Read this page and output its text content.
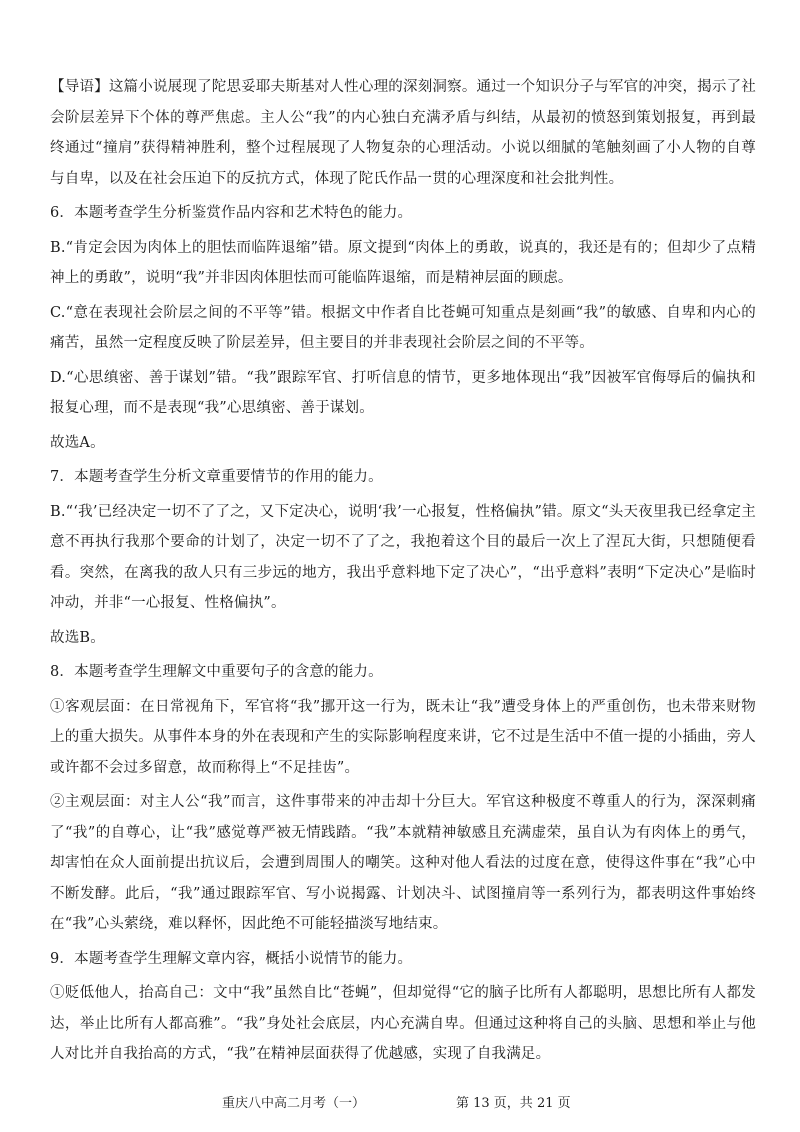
【导语】这篇小说展现了陀思妥耶夫斯基对人性心理的深刻洞察。通过一个知识分子与军官的冲突，揭示了社会阶层差异下个体的尊严焦虑。主人公“我”的内心独白充满矛盾与纠结，从最初的愤怒到策划报复，再到最终通过“撞肩”获得精神胜利，整个过程展现了人物复杂的心理活动。小说以细腻的笔触刻画了小人物的自尊与自卑，以及在社会压迫下的反抗方式，体现了陀氏作品一贯的心理深度和社会批判性。

6．本题考查学生分析鉴赏作品内容和艺术特色的能力。

B.“肯定会因为肉体上的胆怯而临阵退缩”错。原文提到“肉体上的勇敢，说真的，我还是有的；但却少了点精神上的勇敢”，说明“我”并非因肉体胆怯而可能临阵退缩，而是精神层面的顾虑。

C.“意在表现社会阶层之间的不平等”错。根据文中作者自比苍蝇可知重点是刻画“我”的敏感、自卑和内心的痛苦，虽然一定程度反映了阶层差异，但主要目的并非表现社会阶层之间的不平等。

D.“心思缜密、善于谋划”错。“我”跟踪军官、打听信息的情节，更多地体现出“我”因被军官侮辱后的偏执和报复心理，而不是表现“我”心思缜密、善于谋划。

故选A。

7．本题考查学生分析文章重要情节的作用的能力。

B.“‘我’已经决定一切不了了之，又下定决心，说明‘我’一心报复，性格偏执”错。原文“头天夜里我已经拿定主意不再执行我那个要命的计划了，决定一切不了了之，我抱着这个目的最后一次上了涅瓦大街，只想随便看看。突然，在离我的敌人只有三步远的地方，我出乎意料地下定了决心”，“出乎意料”表明“下定决心”是临时冲动，并非“一心报复、性格偏执”。

故选B。

8．本题考查学生理解文中重要句子的含意的能力。

①客观层面：在日常视角下，军官将“我”挪开这一行为，既未让“我”遭受身体上的严重创伤，也未带来财物上的重大损失。从事件本身的外在表现和产生的实际影响程度来讲，它不过是生活中不值一提的小插曲，旁人或许都不会过多留意，故而称得上“不足挂齿”。

②主观层面：对主人公“我”而言，这件事带来的冲击却十分巨大。军官这种极度不尊重人的行为，深深刺痛了“我”的自尊心，让“我”感觉尊严被无情践踏。“我”本就精神敏感且充满虚荣，虽自认为有肉体上的勇气，却害怕在众人面前提出抗议后，会遭到周围人的嘲笑。这种对他人看法的过度在意，使得这件事在“我”心中不断发酵。此后，“我”通过跟踪军官、写小说揭露、计划决斗、试图撞肩等一系列行为，都表明这件事始终在“我”心头萦绕，难以释怀，因此绝不可能轻描淡写地结束。

9．本题考查学生理解文章内容，概括小说情节的能力。

①贬低他人，抬高自己：文中“我”虽然自比“苍蝇”，但却觉得“它的脑子比所有人都聪明，思想比所有人都发达，举止比所有人都高雅”。“我”身处社会底层，内心充满自卑。但通过这种将自己的头脑、思想和举止与他人对比并自我抬高的方式，“我”在精神层面获得了优越感，实现了自我满足。

重庆八中高二月考（一）	第 13 页，共 21 页
